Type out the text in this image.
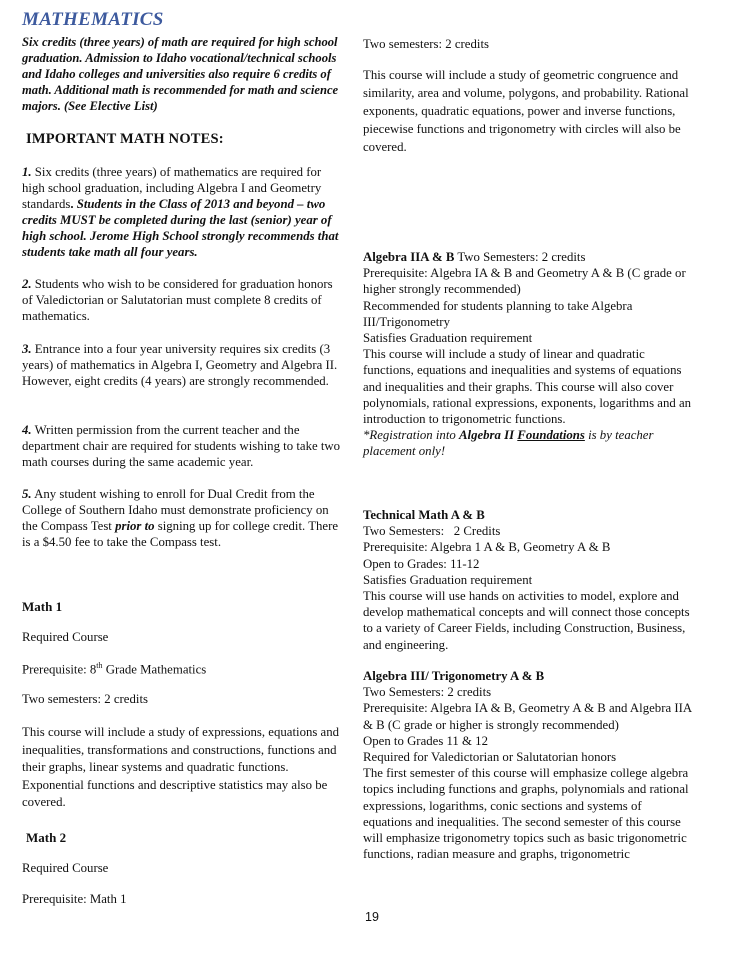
MATHEMATICS
Six credits (three years) of math are required for high school graduation. Admission to Idaho vocational/technical schools and Idaho colleges and universities also require 6 credits of math. Additional math is recommended for math and science majors. (See Elective List)
IMPORTANT MATH NOTES:
1. Six credits (three years) of mathematics are required for high school graduation, including Algebra I and Geometry standards. Students in the Class of 2013 and beyond – two credits MUST be completed during the last (senior) year of high school. Jerome High School strongly recommends that students take math all four years.
2. Students who wish to be considered for graduation honors of Valedictorian or Salutatorian must complete 8 credits of mathematics.
3. Entrance into a four year university requires six credits (3 years) of mathematics in Algebra I, Geometry and Algebra II. However, eight credits (4 years) are strongly recommended.
4. Written permission from the current teacher and the department chair are required for students wishing to take two math courses during the same academic year.
5. Any student wishing to enroll for Dual Credit from the College of Southern Idaho must demonstrate proficiency on the Compass Test prior to signing up for college credit. There is a $4.50 fee to take the Compass test.
Math 1
Required Course
Prerequisite: 8th Grade Mathematics
Two semesters: 2 credits
This course will include a study of expressions, equations and inequalities, transformations and constructions, functions and their graphs, linear systems and quadratic functions. Exponential functions and descriptive statistics may also be covered.
Math 2
Required Course
Prerequisite: Math 1
Two semesters: 2 credits
This course will include a study of geometric congruence and similarity, area and volume, polygons, and probability. Rational exponents, quadratic equations, power and inverse functions, piecewise functions and trigonometry with circles will also be covered.
Algebra IIA & B Two Semesters: 2 credits
Prerequisite: Algebra IA & B and Geometry A & B (C grade or higher strongly recommended)
Recommended for students planning to take Algebra III/Trigonometry
Satisfies Graduation requirement
This course will include a study of linear and quadratic functions, equations and inequalities and systems of equations and inequalities and their graphs. This course will also cover polynomials, rational expressions, exponents, logarithms and an introduction to trigonometric functions.
*Registration into Algebra II Foundations is by teacher placement only!
Technical Math A & B
Two Semesters:   2 Credits
Prerequisite: Algebra 1 A & B, Geometry A & B
Open to Grades: 11-12
Satisfies Graduation requirement
This course will use hands on activities to model, explore and develop mathematical concepts and will connect those concepts to a variety of Career Fields, including Construction, Business, and engineering.
Algebra III/ Trigonometry A & B
Two Semesters: 2 credits
Prerequisite: Algebra IA & B, Geometry A & B and Algebra IIA & B (C grade or higher is strongly recommended)
Open to Grades 11 & 12
Required for Valedictorian or Salutatorian honors
The first semester of this course will emphasize college algebra topics including functions and graphs, polynomials and rational expressions, logarithms, conic sections and systems of equations and inequalities. The second semester of this course will emphasize trigonometry topics such as basic trigonometric functions, radian measure and graphs, trigonometric
19
